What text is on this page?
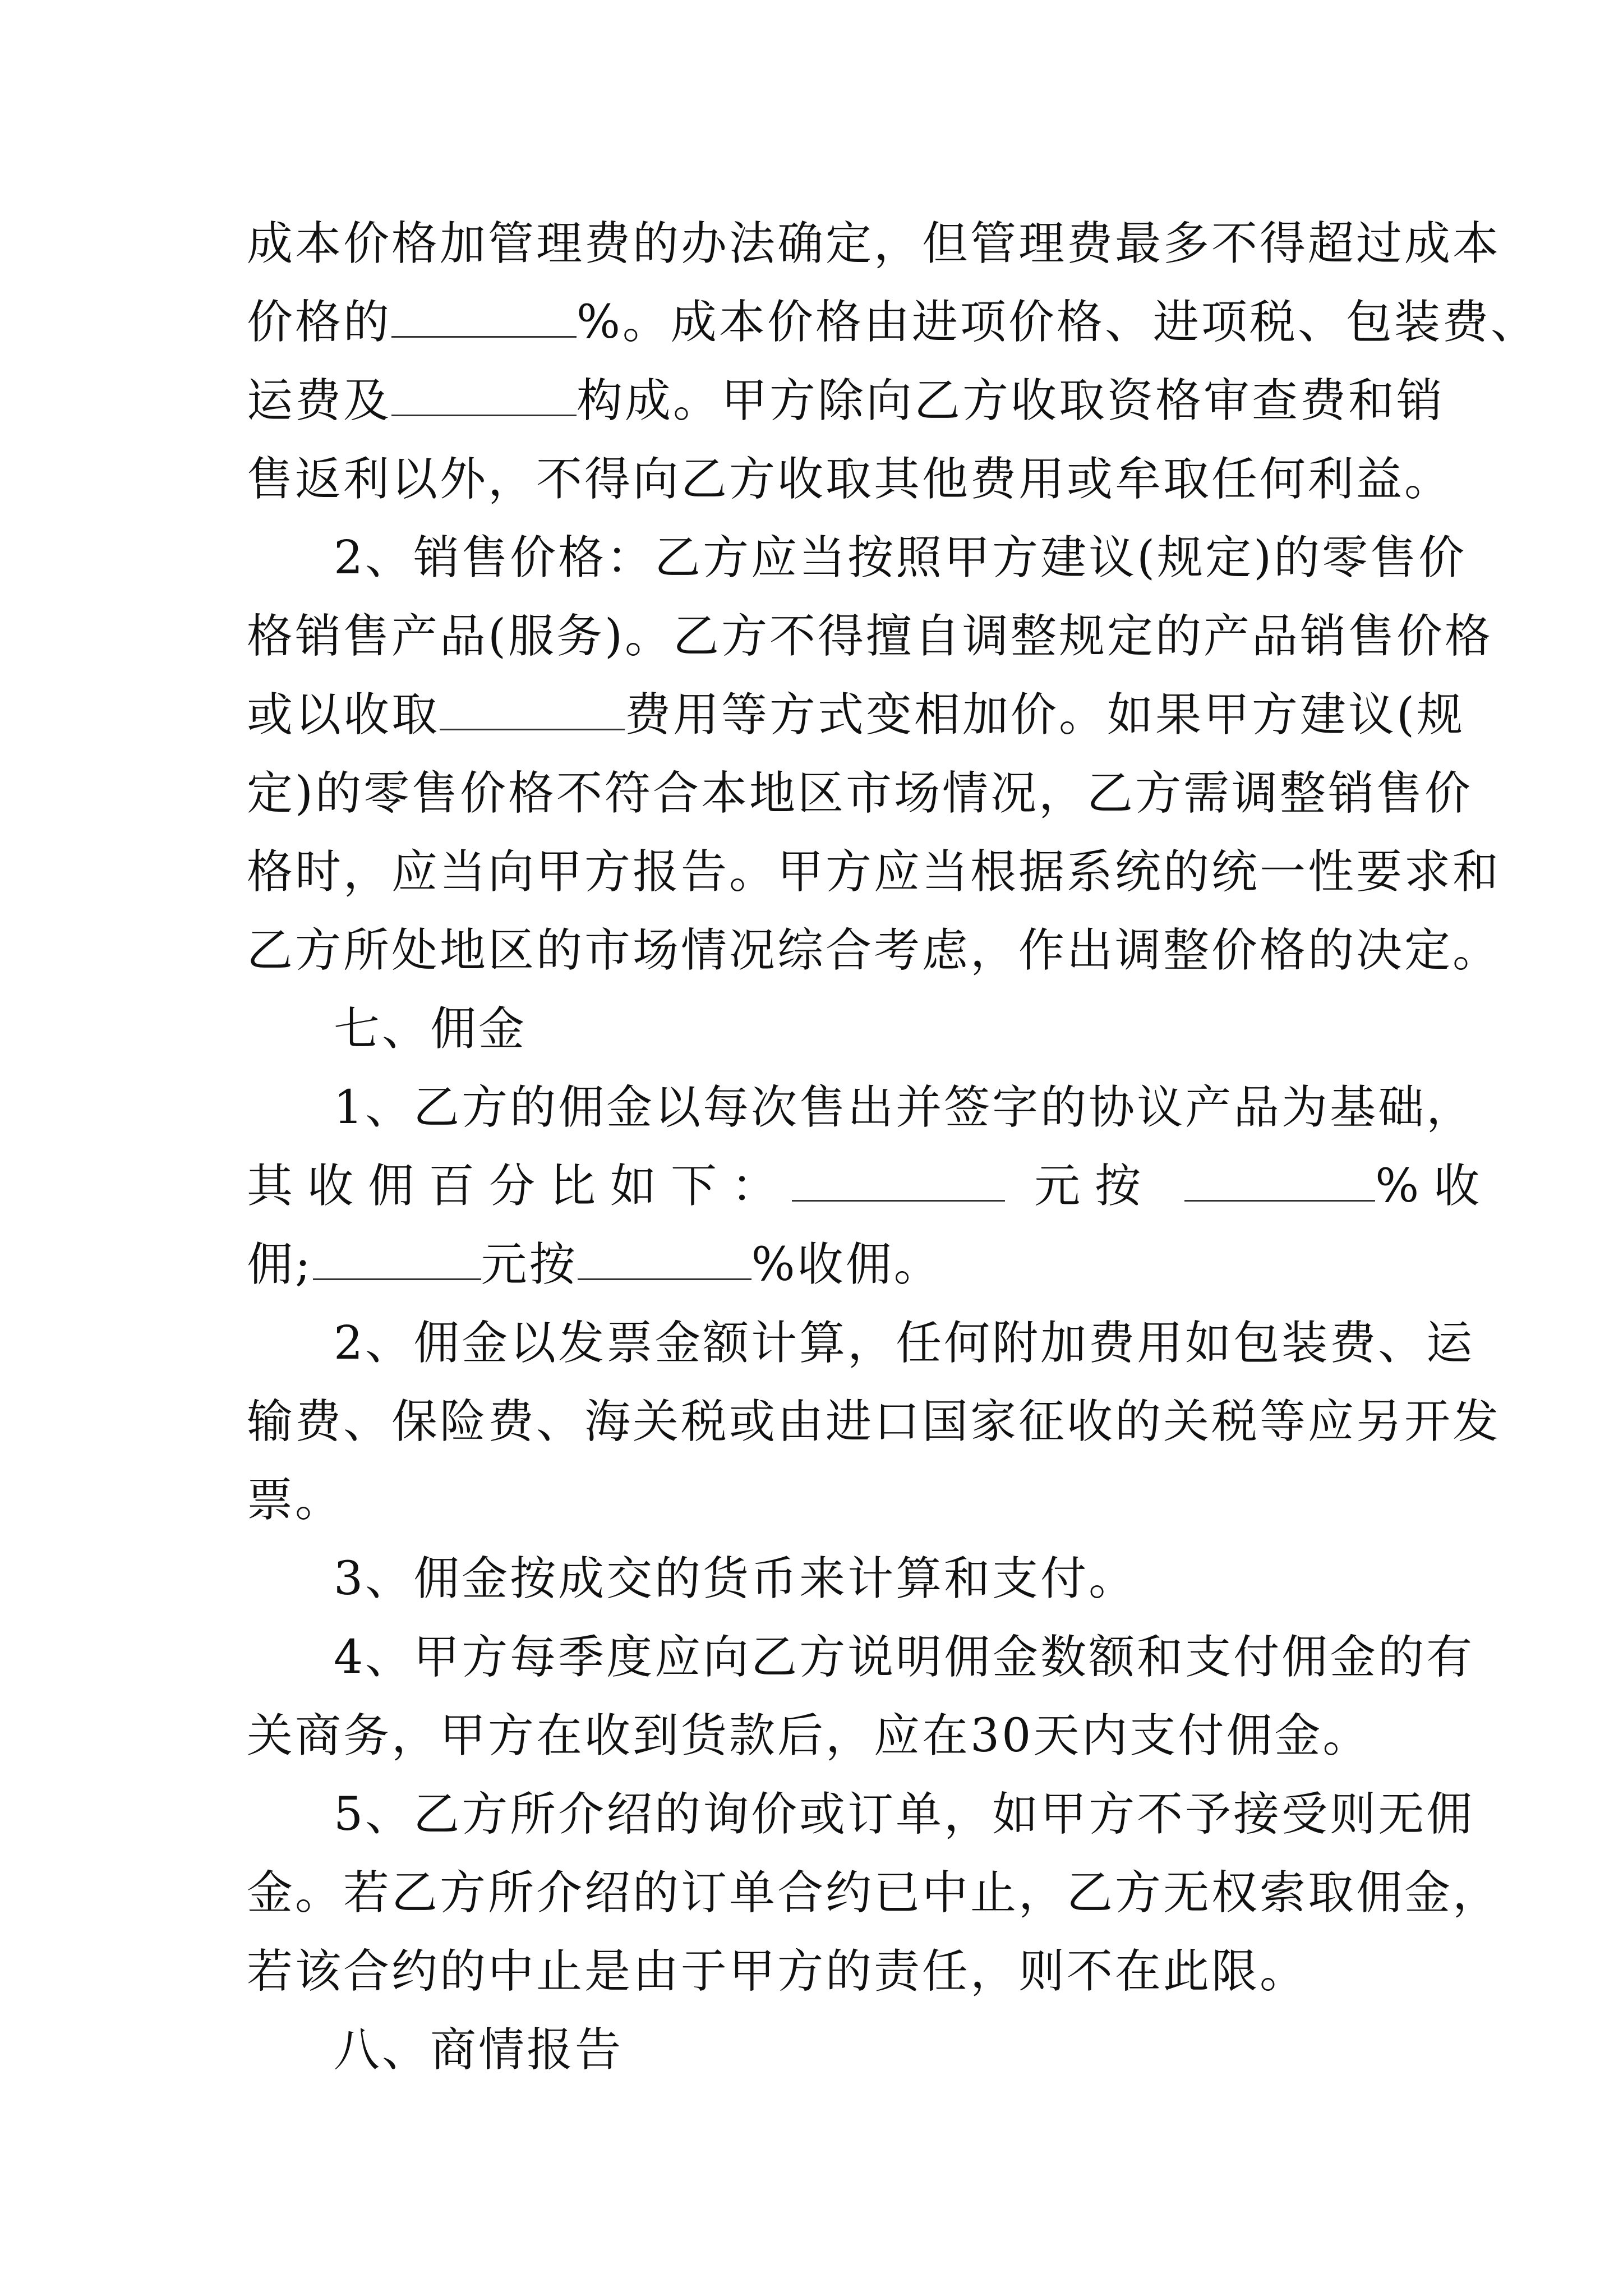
成本价格加管理费的办法确定，但管理费最多不得超过成本
价格的	%。成本价格由进项价格、进项税、包装费、
运费及	构成。甲方除向乙方收取资格审查费和销
售返利以外，不得向乙方收取其他费用或牟取任何利益。
2、销售价格：乙方应当按照甲方建议(规定)的零售价
格销售产品(服务)。乙方不得擅自调整规定的产品销售价格
或以收取	费用等方式变相加价。如果甲方建议(规
定)的零售价格不符合本地区市场情况，乙方需调整销售价
格时，应当向甲方报告。甲方应当根据系统的统一性要求和
乙方所处地区的市场情况综合考虑，作出调整价格的决定。
七、佣金
1、乙方的佣金以每次售出并签字的协议产品为基础，
其收佣百分比如下：	元按	%收
佣;	元按	%收佣。
2、佣金以发票金额计算，任何附加费用如包装费、运
输费、保险费、海关税或由进口国家征收的关税等应另开发
票。
3、佣金按成交的货币来计算和支付。
4、甲方每季度应向乙方说明佣金数额和支付佣金的有
关商务，甲方在收到货款后，应在30天内支付佣金。
5、乙方所介绍的询价或订单，如甲方不予接受则无佣
金。若乙方所介绍的订单合约已中止，乙方无权索取佣金，
若该合约的中止是由于甲方的责任，则不在此限。
八、商情报告
